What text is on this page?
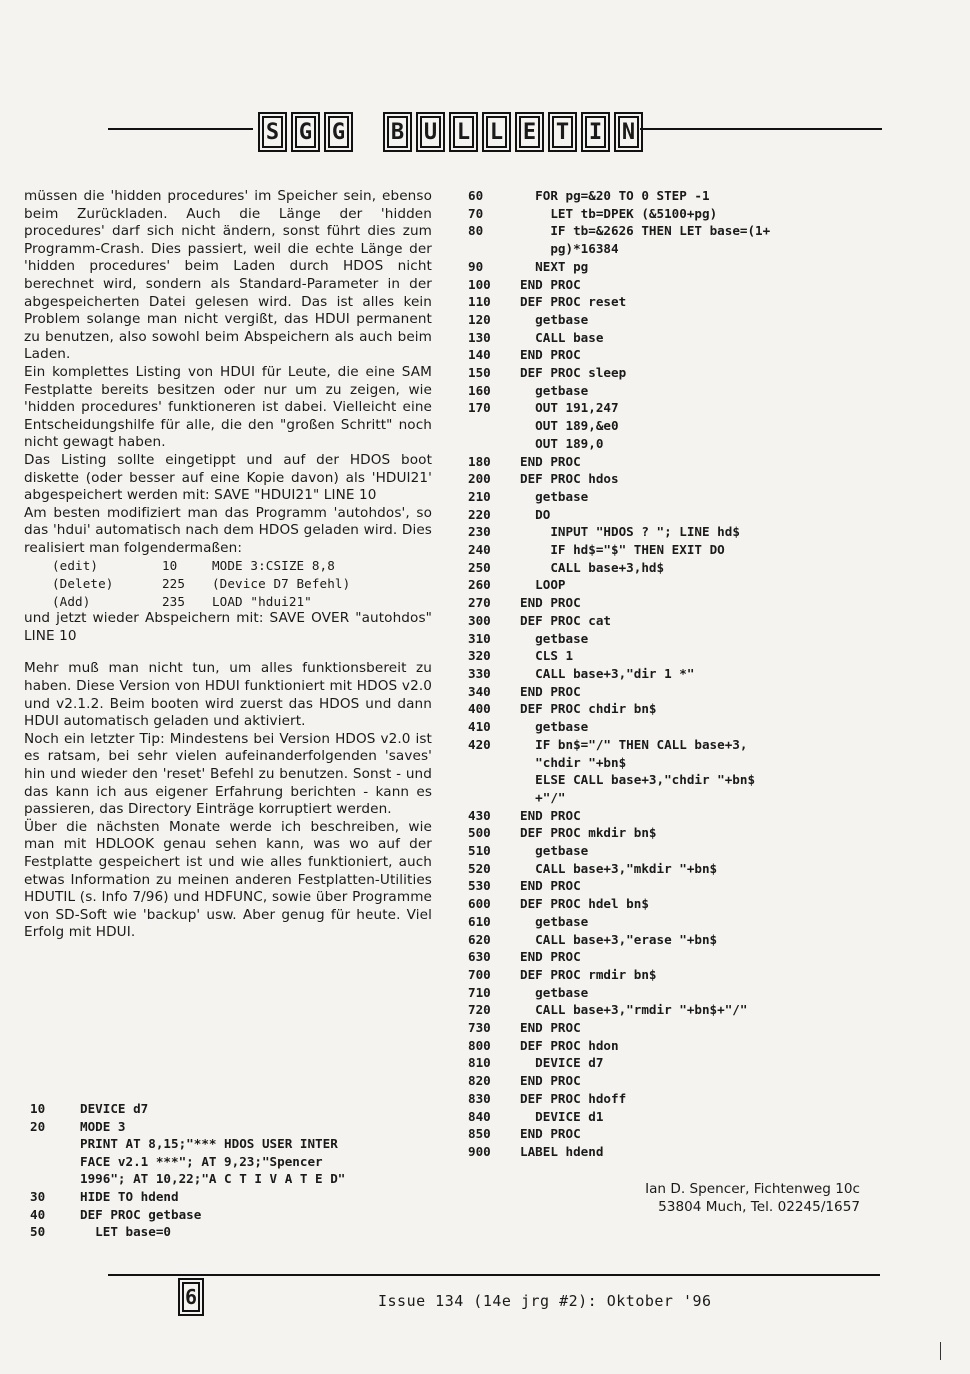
S G G	B U L L E T I N

müssen die 'hidden procedures' im Speicher sein, ebenso beim Zurückladen. Auch die Länge der 'hidden procedures' darf sich nicht ändern, sonst führt dies zum Programm-Crash. Dies passiert, weil die echte Länge der 'hidden procedures' beim Laden durch HDOS nicht berechnet wird, sondern als Standard-Parameter in der abgespeicherten Datei gelesen wird. Das ist alles kein Problem solange man nicht vergißt, das HDUI permanent zu benutzen, also sowohl beim Abspeichern als auch beim Laden.

Ein komplettes Listing von HDUI für Leute, die eine SAM Festplatte bereits besitzen oder nur um zu zeigen, wie 'hidden procedures' funktioneren ist dabei. Vielleicht eine Entscheidungshilfe für alle, die den "großen Schritt" noch nicht gewagt haben.

Das Listing sollte eingetippt und auf der HDOS boot diskette (oder besser auf eine Kopie davon) als 'HDUI21' abgespeichert werden mit: SAVE "HDUI21" LINE 10

Am besten modifiziert man das Programm 'autohdos', so das 'hdui' automatisch nach dem HDOS geladen wird. Dies realisiert man folgendermaßen:

(edit)	10	MODE 3:CSIZE 8,8
(Delete)	225	(Device D7 Befehl)
(Add)	235	LOAD "hdui21"

und jetzt wieder Abspeichern mit: SAVE OVER "autohdos" LINE 10

Mehr muß man nicht tun, um alles funktionsbereit zu haben. Diese Version von HDUI funktioniert mit HDOS v2.0 und v2.1.2. Beim booten wird zuerst das HDOS und dann HDUI automatisch geladen und aktiviert.

Noch ein letzter Tip: Mindestens bei Version HDOS v2.0 ist es ratsam, bei sehr vielen aufeinanderfolgenden 'saves' hin und wieder den 'reset' Befehl zu benutzen. Sonst - und das kann ich aus eigener Erfahrung berichten - kann es passieren, das Directory Einträge korruptiert werden.

Über die nächsten Monate werde ich beschreiben, wie man mit HDLOOK genau sehen kann, was wo auf der Festplatte gespeichert ist und wie alles funktioniert, auch etwas Information zu meinen anderen Festplatten-Utilities HDUTIL (s. Info 7/96) und HDFUNC, sowie über Programme von SD-Soft wie 'backup' usw. Aber genug für heute. Viel Erfolg mit HDUI.

10	DEVICE d7
20	MODE 3
PRINT AT 8,15;"*** HDOS USER INTER
FACE v2.1 ***"; AT 9,23;"Spencer
1996"; AT 10,22;"A C T I V A T E D"
30	HIDE TO hdend
40	DEF PROC getbase
50	LET base=0
60	FOR pg=&20 TO 0 STEP -1
70	LET tb=DPEK (&5100+pg)
80	IF tb=&2626 THEN LET base=(1+
pg)*16384
90	NEXT pg
100	END PROC
110	DEF PROC reset
120	getbase
130	CALL base
140	END PROC
150	DEF PROC sleep
160	getbase
170	OUT 191,247
OUT 189,&e0
OUT 189,0
180	END PROC
200	DEF PROC hdos
210	getbase
220	DO
230	INPUT "HDOS ? "; LINE hd$
240	IF hd$="$" THEN EXIT DO
250	CALL base+3,hd$
260	LOOP
270	END PROC
300	DEF PROC cat
310	getbase
320	CLS 1
330	CALL base+3,"dir 1 *"
340	END PROC
400	DEF PROC chdir bn$
410	getbase
420	IF bn$="/" THEN CALL base+3,
"chdir "+bn$
ELSE CALL base+3,"chdir "+bn$
+"/"
430	END PROC
500	DEF PROC mkdir bn$
510	getbase
520	CALL base+3,"mkdir "+bn$
530	END PROC
600	DEF PROC hdel bn$
610	getbase
620	CALL base+3,"erase "+bn$
630	END PROC
700	DEF PROC rmdir bn$
710	getbase
720	CALL base+3,"rmdir "+bn$+"/"
730	END PROC
800	DEF PROC hdon
810	DEVICE d7
820	END PROC
830	DEF PROC hdoff
840	DEVICE d1
850	END PROC
900	LABEL hdend
Ian D. Spencer, Fichtenweg 10c
53804 Much, Tel. 02245/1657
6	Issue 134 (14e jrg #2): Oktober '96
